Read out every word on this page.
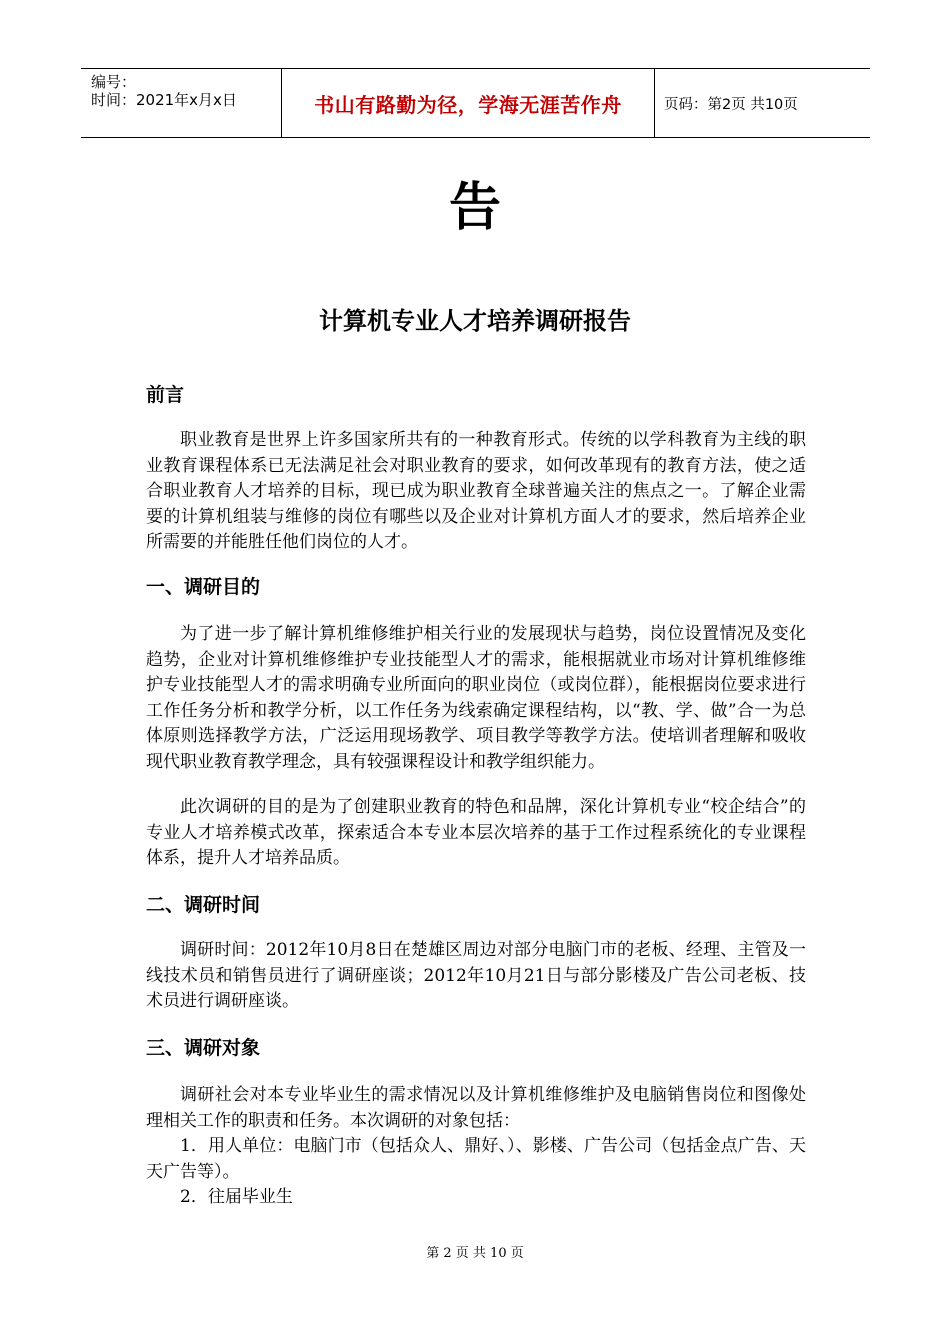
编号：
时间：2021年x月x日	书山有路勤为径，学海无涯苦作舟	页码：第2页 共10页
告
计算机专业人才培养调研报告
前言

职业教育是世界上许多国家所共有的一种教育形式。传统的以学科教育为主线的职业教育课程体系已无法满足社会对职业教育的要求，如何改革现有的教育方法，使之适合职业教育人才培养的目标，现已成为职业教育全球普遍关注的焦点之一。了解企业需要的计算机组装与维修的岗位有哪些以及企业对计算机方面人才的要求，然后培养企业所需要的并能胜任他们岗位的人才。

一、调研目的

为了进一步了解计算机维修维护相关行业的发展现状与趋势，岗位设置情况及变化趋势，企业对计算机维修维护专业技能型人才的需求，能根据就业市场对计算机维修维护专业技能型人才的需求明确专业所面向的职业岗位（或岗位群），能根据岗位要求进行工作任务分析和教学分析，以工作任务为线索确定课程结构，以“教、学、做”合一为总体原则选择教学方法，广泛运用现场教学、项目教学等教学方法。使培训者理解和吸收现代职业教育教学理念，具有较强课程设计和教学组织能力。

此次调研的目的是为了创建职业教育的特色和品牌，深化计算机专业“校企结合”的专业人才培养模式改革，探索适合本专业本层次培养的基于工作过程系统化的专业课程体系，提升人才培养品质。

二、调研时间

调研时间：2012年10月8日在楚雄区周边对部分电脑门市的老板、经理、主管及一线技术员和销售员进行了调研座谈；2012年10月21日与部分影楼及广告公司老板、技术员进行调研座谈。

三、调研对象

调研社会对本专业毕业生的需求情况以及计算机维修维护及电脑销售岗位和图像处理相关工作的职责和任务。本次调研的对象包括：

1．用人单位：电脑门市（包括众人、鼎好、）、影楼、广告公司（包括金点广告、天天广告等）。

2．往届毕业生

第 2 页 共 10 页
